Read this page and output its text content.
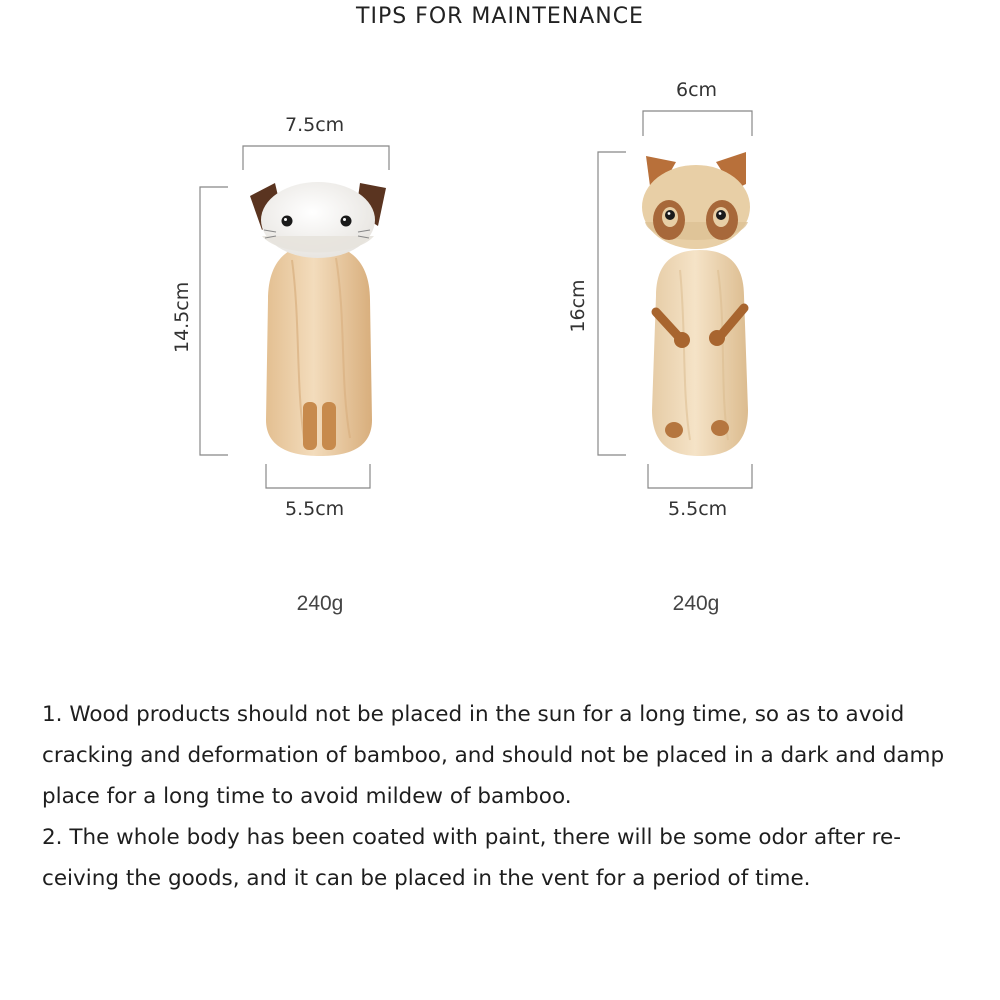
TIPS FOR MAINTENANCE
7.5cm
14.5cm
5.5cm
240g
6cm
16cm
5.5cm
240g

1. Wood products should not be placed in the sun for a long time, so as to avoid cracking and deformation of bamboo, and should not be placed in a dark and damp place for a long time to avoid mildew of bamboo.

2. The whole body has been coated with paint, there will be some odor after re-ceiving the goods, and it can be placed in the vent for a period of time.
